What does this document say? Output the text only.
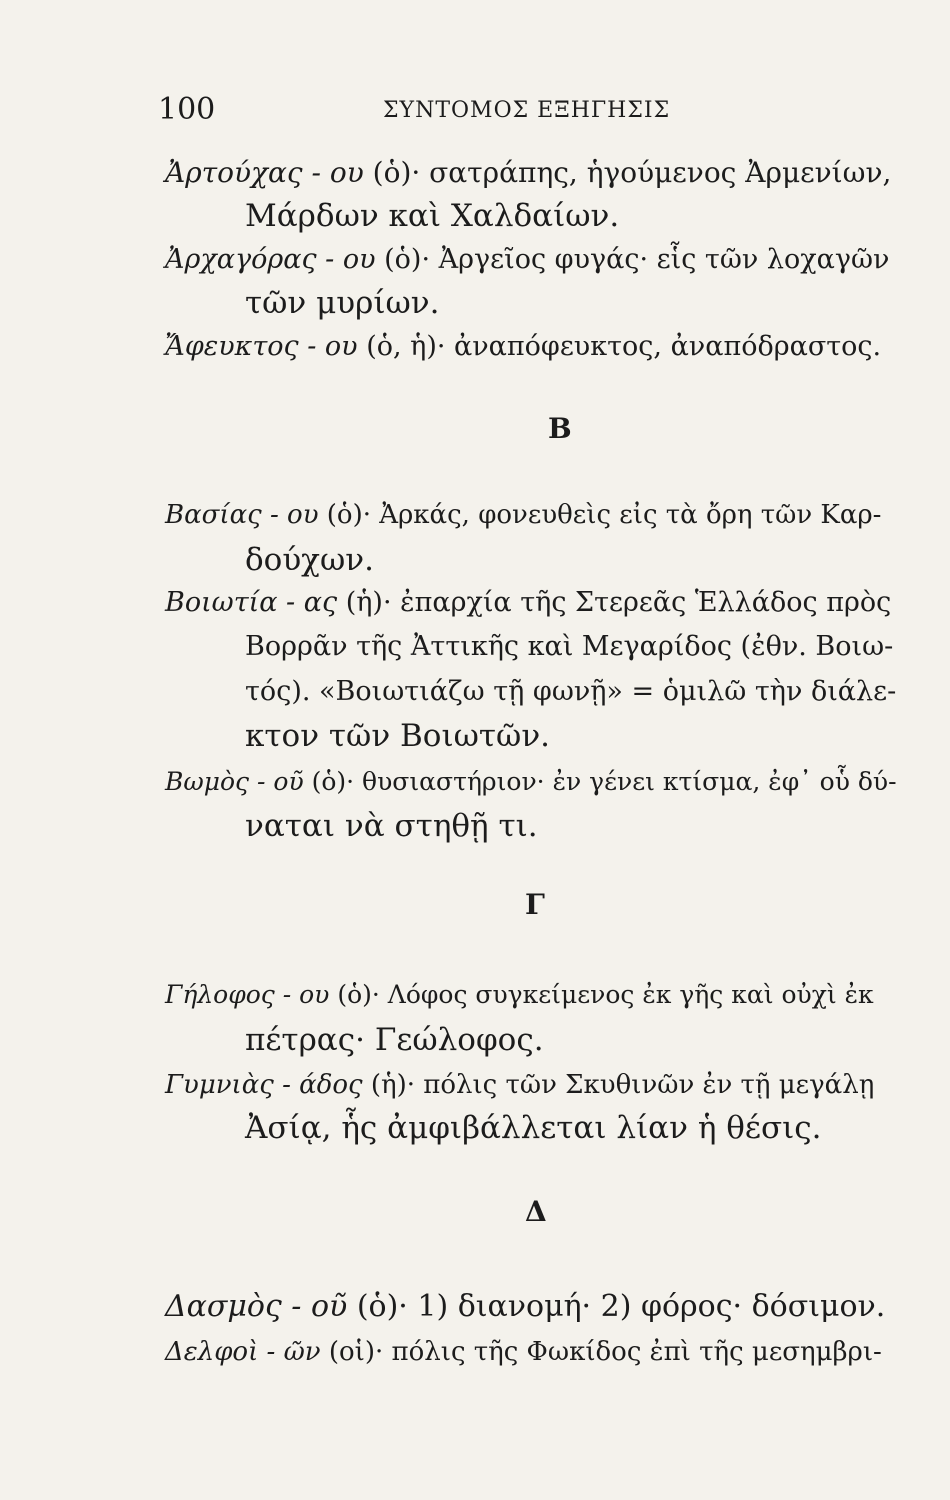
100	ΣΥΝΤΟΜΟΣ ΕΞΗΓΗΣΙΣ
Ἀρτούχας - ου (ὁ)· σατράπης, ἡγούμενος Ἀρμενίων,
Μάρδων καὶ Χαλδαίων.
Ἀρχαγόρας - ου (ὁ)· Ἀργεῖος φυγάς· εἷς τῶν λοχαγῶν
τῶν μυρίων.
Ἄφευκτος - ου (ὁ, ἡ)· ἀναπόφευκτος, ἀναπόδραστος.
Β
Βασίας - ου (ὁ)· Ἀρκάς, φονευθεὶς εἰς τὰ ὄρη τῶν Καρ-
δούχων.
Βοιωτία - ας (ἡ)· ἐπαρχία τῆς Στερεᾶς Ἑλλάδος πρὸς
Βορρᾶν τῆς Ἀττικῆς καὶ Μεγαρίδος (ἐθν. Βοιω-
τός). «Βοιωτιάζω τῇ φωνῇ» = ὁμιλῶ τὴν διάλε-
κτον τῶν Βοιωτῶν.
Βωμὸς - οῦ (ὁ)· θυσιαστήριον· ἐν γένει κτίσμα, ἐφ᾽ οὗ δύ-
ναται νὰ στηθῇ τι.
Γ
Γήλοφος - ου (ὁ)· Λόφος συγκείμενος ἐκ γῆς καὶ οὐχὶ ἐκ
πέτρας· Γεώλοφος.
Γυμνιὰς - άδος (ἡ)· πόλις τῶν Σκυθινῶν ἐν τῇ μεγάλῃ
Ἀσίᾳ, ἧς ἀμφιβάλλεται λίαν ἡ θέσις.
Δ
Δασμὸς - οῦ (ὁ)· 1) διανομή· 2) φόρος· δόσιμον.
Δελφοὶ - ῶν (οἱ)· πόλις τῆς Φωκίδος ἐπὶ τῆς μεσημβρι-
